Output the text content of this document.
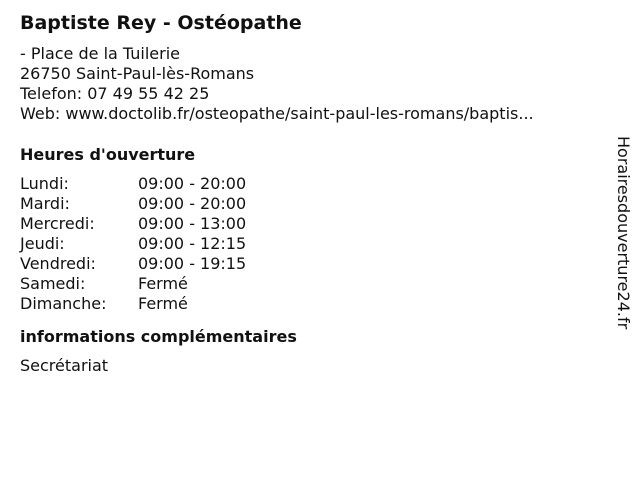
Baptiste Rey - Ostéopathe
- Place de la Tuilerie
26750 Saint-Paul-lès-Romans
Telefon: 07 49 55 42 25
Web: www.doctolib.fr/osteopathe/saint-paul-les-romans/baptis...
Heures d'ouverture
Lundi:	09:00 - 20:00
Mardi:	09:00 - 20:00
Mercredi:	09:00 - 13:00
Jeudi:	09:00 - 12:15
Vendredi:	09:00 - 19:15
Samedi:	Fermé
Dimanche:	Fermé
informations complémentaires
Secrétariat
Horairesdouverture24.fr
